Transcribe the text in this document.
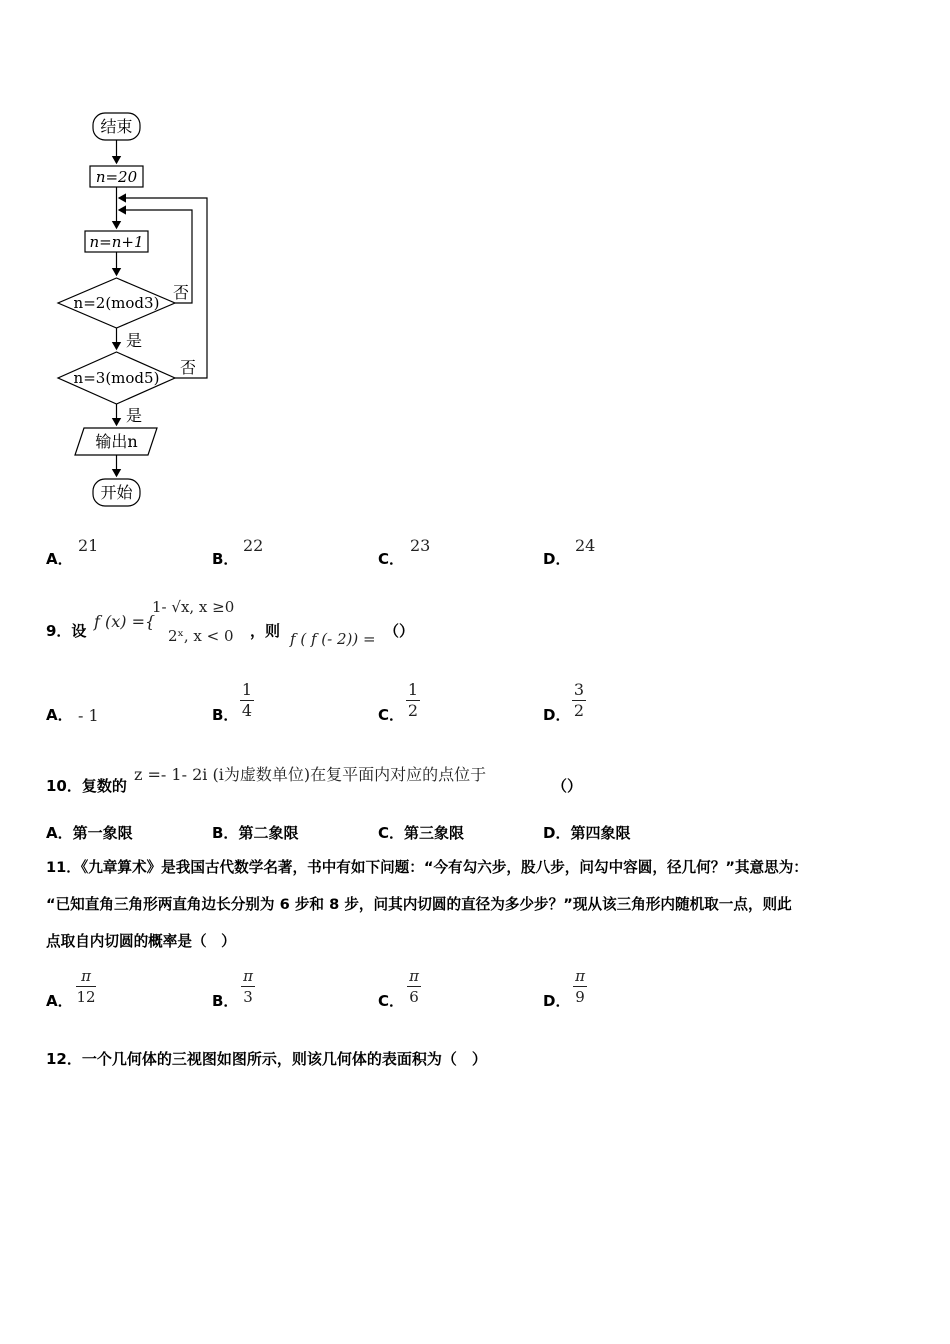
结束
n=20
n=n+1
n=2(mod3)
否
是
n=3(mod5)
否
是
输出n
开始
A．
21
B．
22
C．
23
D．
24
9．设 f (x) ={
1- √x, x ≥0
2ˣ, x < 0 ，则 f ( f (- 2)) = （）
A． - 1	B．
1
4	C．
1
2	D．
3
2
10．复数的
z =- 1- 2i (i为虚数单位)在复平面内对应的点位于
（）
A．第一象限	B．第二象限	C．第三象限	D．第四象限
11．《九章算术》是我国古代数学名著，书中有如下问题：“今有勾六步，股八步，问勾中容圆，径几何？”其意思为：
“已知直角三角形两直角边长分别为 6 步和 8 步，问其内切圆的直径为多少步？”现从该三角形内随机取一点，则此
点取自内切圆的概率是（　）
A．
π
12	B．
π
3	C．
π
6	D．
π
9
12．一个几何体的三视图如图所示，则该几何体的表面积为（　）
